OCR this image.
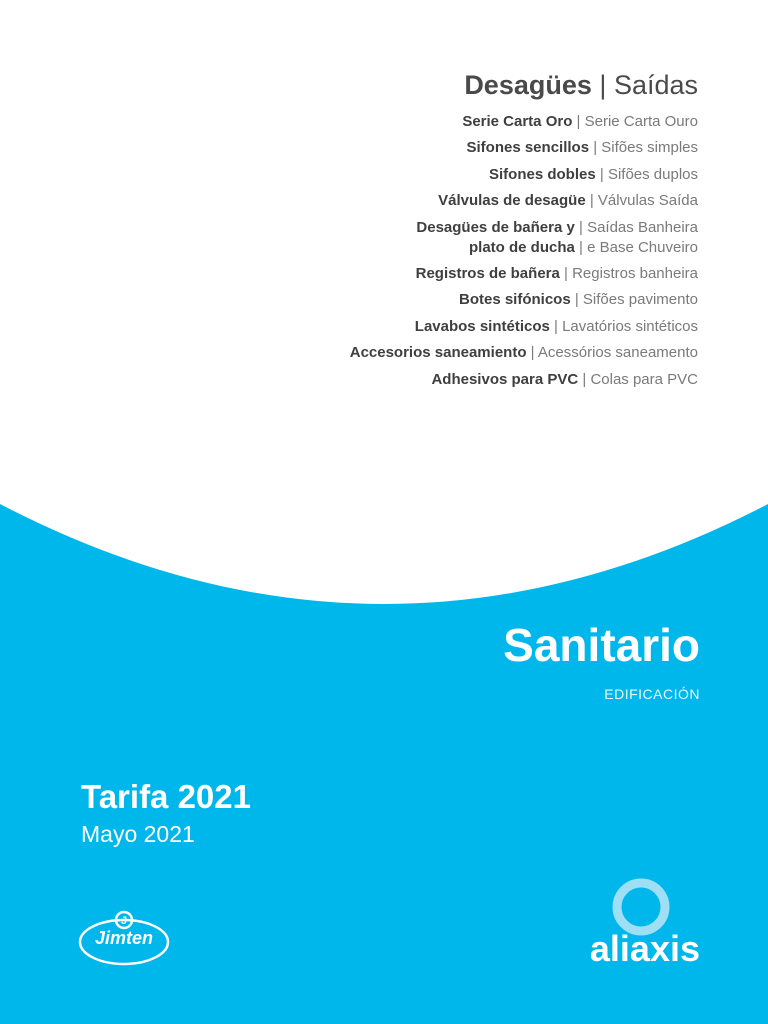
Desagües | Saídas
Serie Carta Oro | Serie Carta Ouro
Sifones sencillos | Sifões simples
Sifones dobles | Sifões duplos
Válvulas de desagüe | Válvulas Saída
Desagües de bañera y | Saídas Banheira
plato de ducha | e Base Chuveiro
Registros de bañera | Registros banheira
Botes sifónicos | Sifões pavimento
Lavabos sintéticos | Lavatórios sintéticos
Accesorios saneamiento | Acessórios saneamento
Adhesivos para PVC | Colas para PVC
Sanitario
EDIFICACIÓN
Tarifa 2021
Mayo 2021
J
Jimten	aliaxis
